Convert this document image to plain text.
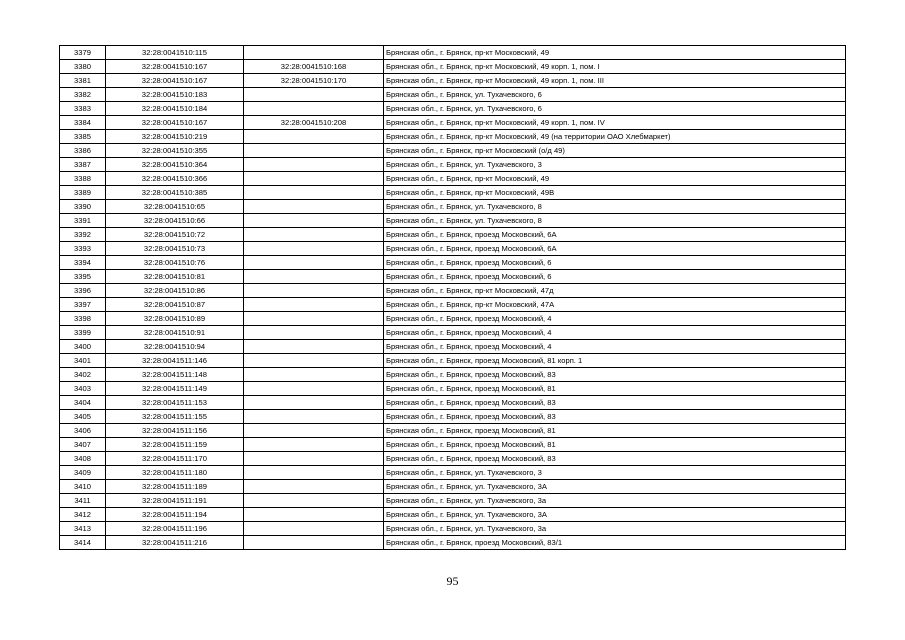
3379	32:28:0041510:115		Брянская обл., г. Брянск, пр-кт Московский, 49
3380	32:28:0041510:167	32:28:0041510:168	Брянская обл., г. Брянск, пр-кт Московский, 49 корп. 1, пом. I
3381	32:28:0041510:167	32:28:0041510:170	Брянская обл., г. Брянск, пр-кт Московский, 49 корп. 1, пом. III
3382	32:28:0041510:183		Брянская обл., г. Брянск, ул. Тухачевского, 6
3383	32:28:0041510:184		Брянская обл., г. Брянск, ул. Тухачевского, 6
3384	32:28:0041510:167	32:28:0041510:208	Брянская обл., г. Брянск, пр-кт Московский, 49 корп. 1, пом. IV
3385	32:28:0041510:219		Брянская обл., г. Брянск, пр-кт Московский, 49 (на территории ОАО Хлебмаркет)
3386	32:28:0041510:355		Брянская обл., г. Брянск, пр-кт Московский (о/д 49)
3387	32:28:0041510:364		Брянская обл., г. Брянск, ул. Тухачевского, 3
3388	32:28:0041510:366		Брянская обл., г. Брянск, пр-кт Московский, 49
3389	32:28:0041510:385		Брянская обл., г. Брянск, пр-кт Московский, 49В
3390	32:28:0041510:65		Брянская обл., г. Брянск, ул. Тухачевского, 8
3391	32:28:0041510:66		Брянская обл., г. Брянск, ул. Тухачевского, 8
3392	32:28:0041510:72		Брянская обл., г. Брянск, проезд Московский, 6А
3393	32:28:0041510:73		Брянская обл., г. Брянск, проезд Московский, 6А
3394	32:28:0041510:76		Брянская обл., г. Брянск, проезд Московский, 6
3395	32:28:0041510:81		Брянская обл., г. Брянск, проезд Московский, 6
3396	32:28:0041510:86		Брянская обл., г. Брянск, пр-кт Московский, 47д
3397	32:28:0041510:87		Брянская обл., г. Брянск, пр-кт Московский, 47А
3398	32:28:0041510:89		Брянская обл., г. Брянск, проезд Московский, 4
3399	32:28:0041510:91		Брянская обл., г. Брянск, проезд Московский, 4
3400	32:28:0041510:94		Брянская обл., г. Брянск, проезд Московский, 4
3401	32:28:0041511:146		Брянская обл., г. Брянск, проезд Московский, 81 корп. 1
3402	32:28:0041511:148		Брянская обл., г. Брянск, проезд Московский, 83
3403	32:28:0041511:149		Брянская обл., г. Брянск, проезд Московский, 81
3404	32:28:0041511:153		Брянская обл., г. Брянск, проезд Московский, 83
3405	32:28:0041511:155		Брянская обл., г. Брянск, проезд Московский, 83
3406	32:28:0041511:156		Брянская обл., г. Брянск, проезд Московский, 81
3407	32:28:0041511:159		Брянская обл., г. Брянск, проезд Московский, 81
3408	32:28:0041511:170		Брянская обл., г. Брянск, проезд Московский, 83
3409	32:28:0041511:180		Брянская обл., г. Брянск, ул. Тухачевского, 3
3410	32:28:0041511:189		Брянская обл., г. Брянск, ул. Тухачевского, 3А
3411	32:28:0041511:191		Брянская обл., г. Брянск, ул. Тухачевского, 3а
3412	32:28:0041511:194		Брянская обл., г. Брянск, ул. Тухачевского, 3А
3413	32:28:0041511:196		Брянская обл., г. Брянск, ул. Тухачевского, 3а
3414	32:28:0041511:216		Брянская обл., г. Брянск, проезд Московский, 83/1
95
